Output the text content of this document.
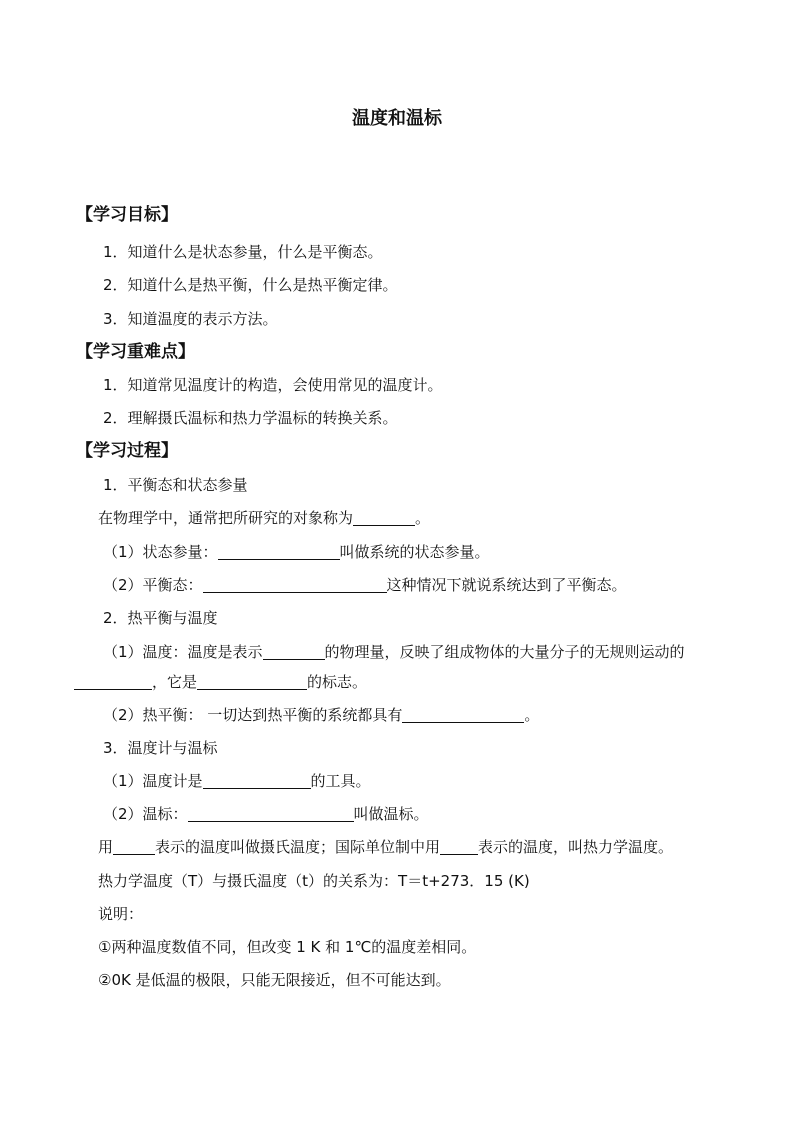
温度和温标
【学习目标】
1．知道什么是状态参量，什么是平衡态。
2．知道什么是热平衡，什么是热平衡定律。
3．知道温度的表示方法。
【学习重难点】
1．知道常见温度计的构造，会使用常见的温度计。
2．理解摄氏温标和热力学温标的转换关系。
【学习过程】
1．平衡态和状态参量
在物理学中，通常把所研究的对象称为	。
（1）状态参量：	叫做系统的状态参量。
（2）平衡态：	这种情况下就说系统达到了平衡态。
2．热平衡与温度
（1）温度：温度是表示	的物理量，反映了组成物体的大量分子的无规则运动的
，它是	的标志。
（2）热平衡： 一切达到热平衡的系统都具有	。
3．温度计与温标
（1）温度计是	的工具。
（2）温标：	叫做温标。
用	表示的温度叫做摄氏温度；国际单位制中用	表示的温度，叫热力学温度。
热力学温度（T）与摄氏温度（t）的关系为：T＝t+273．15 (K)
说明：
①两种温度数值不同，但改变 1 K 和 1℃的温度差相同。
②0K 是低温的极限，只能无限接近，但不可能达到。
